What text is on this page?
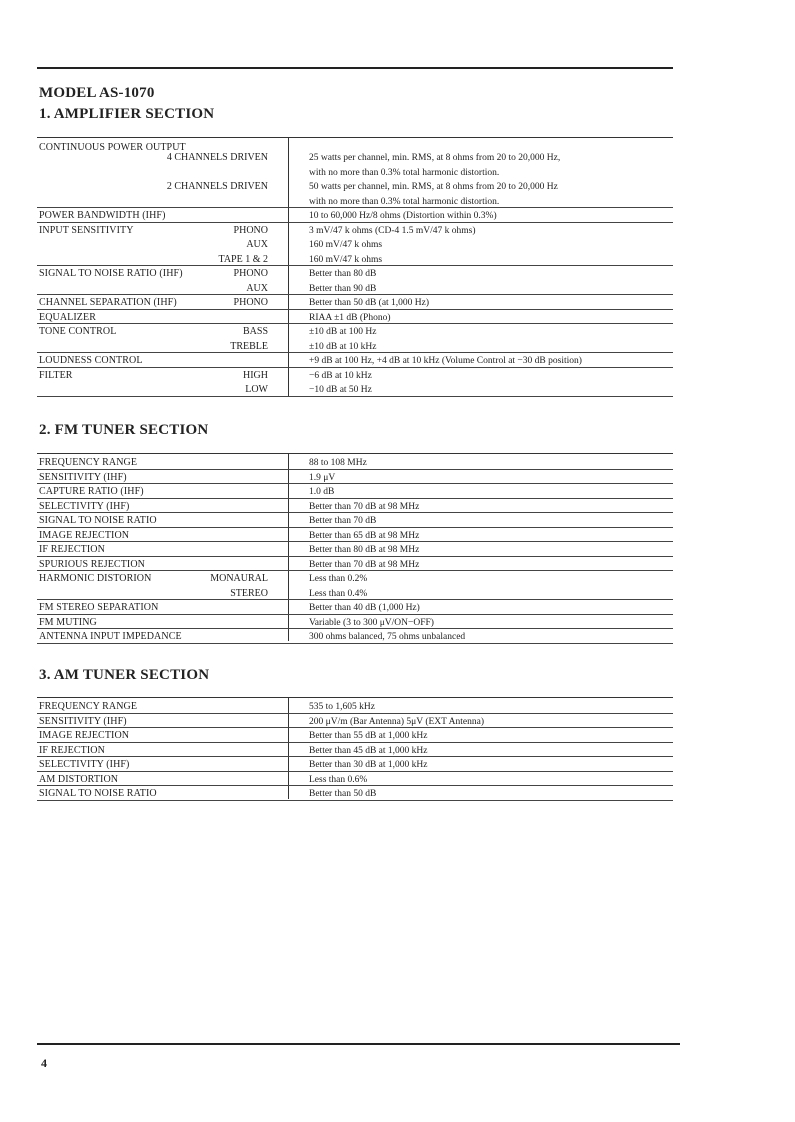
MODEL AS-1070
1. AMPLIFIER SECTION
CONTINUOUS POWER OUTPUT
4 CHANNELS DRIVEN	25 watts per channel, min. RMS, at 8 ohms from 20 to 20,000 Hz,
with no more than 0.3% total harmonic distortion.
2 CHANNELS DRIVEN	50 watts per channel, min. RMS, at 8 ohms from 20 to 20,000 Hz
with no more than 0.3% total harmonic distortion.
POWER BANDWIDTH (IHF)	10 to 60,000 Hz/8 ohms (Distortion within 0.3%)
INPUT SENSITIVITY	PHONO	3 mV/47 k ohms (CD-4 1.5 mV/47 k ohms)
AUX	160 mV/47 k ohms
TAPE 1 & 2	160 mV/47 k ohms
SIGNAL TO NOISE RATIO (IHF)	PHONO	Better than 80 dB
AUX	Better than 90 dB
CHANNEL SEPARATION (IHF)	PHONO	Better than 50 dB (at 1,000 Hz)
EQUALIZER	RIAA ±1 dB (Phono)
TONE CONTROL	BASS	±10 dB at 100 Hz
TREBLE	±10 dB at 10 kHz
LOUDNESS CONTROL	+9 dB at 100 Hz, +4 dB at 10 kHz (Volume Control at −30 dB position)
FILTER	HIGH	−6 dB at 10 kHz
LOW	−10 dB at 50 Hz
2. FM TUNER SECTION
FREQUENCY RANGE	88 to 108 MHz
SENSITIVITY (IHF)	1.9 μV
CAPTURE RATIO (IHF)	1.0 dB
SELECTIVITY (IHF)	Better than 70 dB at 98 MHz
SIGNAL TO NOISE RATIO	Better than 70 dB
IMAGE REJECTION	Better than 65 dB at 98 MHz
IF REJECTION	Better than 80 dB at 98 MHz
SPURIOUS REJECTION	Better than 70 dB at 98 MHz
HARMONIC DISTORION	MONAURAL	Less than 0.2%
STEREO	Less than 0.4%
FM STEREO SEPARATION	Better than 40 dB (1,000 Hz)
FM MUTING	Variable (3 to 300 μV/ON−OFF)
ANTENNA INPUT IMPEDANCE	300 ohms balanced, 75 ohms unbalanced
3. AM TUNER SECTION
FREQUENCY RANGE	535 to 1,605 kHz
SENSITIVITY (IHF)	200 μV/m (Bar Antenna) 5μV (EXT Antenna)
IMAGE REJECTION	Better than 55 dB at 1,000 kHz
IF REJECTION	Better than 45 dB at 1,000 kHz
SELECTIVITY (IHF)	Better than 30 dB at 1,000 kHz
AM DISTORTION	Less than 0.6%
SIGNAL TO NOISE RATIO	Better than 50 dB
4
